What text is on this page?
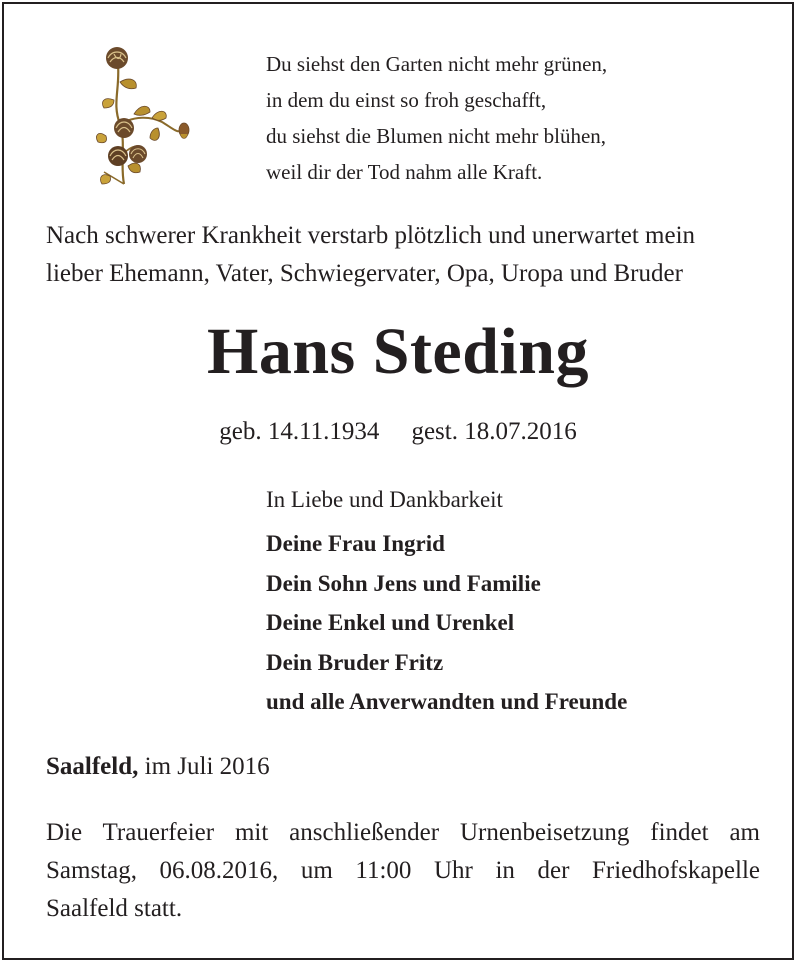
Du siehst den Garten nicht mehr grünen,
in dem du einst so froh geschafft,
du siehst die Blumen nicht mehr blühen,
weil dir der Tod nahm alle Kraft.
Nach schwerer Krankheit verstarb plötzlich und unerwartet mein
lieber Ehemann, Vater, Schwiegervater, Opa, Uropa und Bruder
Hans Steding
geb. 14.11.1934 gest. 18.07.2016
In Liebe und Dankbarkeit
Deine Frau Ingrid
Dein Sohn Jens und Familie
Deine Enkel und Urenkel
Dein Bruder Fritz
und alle Anverwandten und Freunde
Saalfeld, im Juli 2016
Die Trauerfeier mit anschließender Urnenbeisetzung findet am
Samstag, 06.08.2016, um 11:00 Uhr in der Friedhofskapelle
Saalfeld statt.
